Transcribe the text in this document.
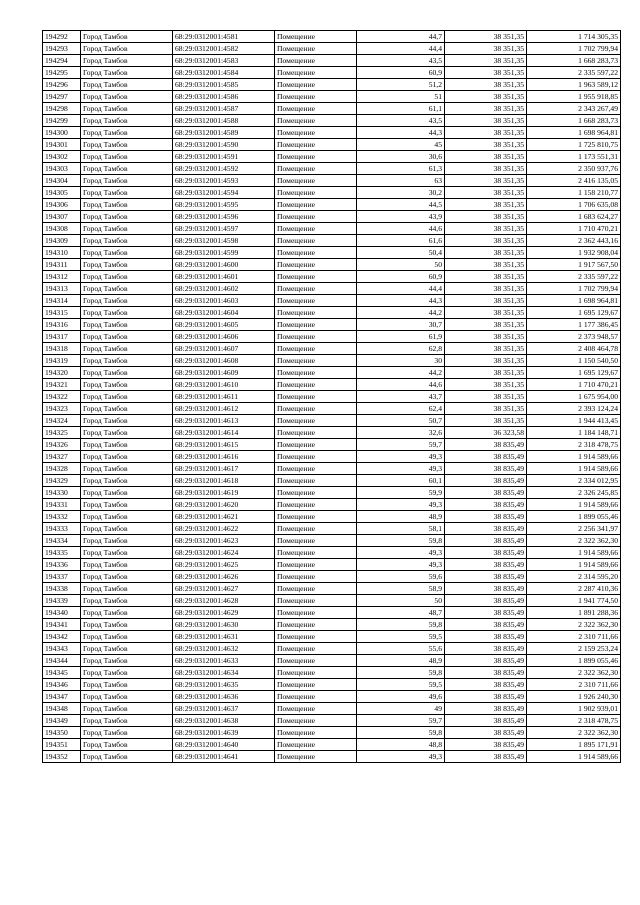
194292	Город Тамбов	68:29:0312001:4581	Помещение	44,7	38 351,35	1 714 305,35
194293	Город Тамбов	68:29:0312001:4582	Помещение	44,4	38 351,35	1 702 799,94
194294	Город Тамбов	68:29:0312001:4583	Помещение	43,5	38 351,35	1 668 283,73
194295	Город Тамбов	68:29:0312001:4584	Помещение	60,9	38 351,35	2 335 597,22
194296	Город Тамбов	68:29:0312001:4585	Помещение	51,2	38 351,35	1 963 589,12
194297	Город Тамбов	68:29:0312001:4586	Помещение	51	38 351,35	1 955 918,85
194298	Город Тамбов	68:29:0312001:4587	Помещение	61,1	38 351,35	2 343 267,49
194299	Город Тамбов	68:29:0312001:4588	Помещение	43,5	38 351,35	1 668 283,73
194300	Город Тамбов	68:29:0312001:4589	Помещение	44,3	38 351,35	1 698 964,81
194301	Город Тамбов	68:29:0312001:4590	Помещение	45	38 351,35	1 725 810,75
194302	Город Тамбов	68:29:0312001:4591	Помещение	30,6	38 351,35	1 173 551,31
194303	Город Тамбов	68:29:0312001:4592	Помещение	61,3	38 351,35	2 350 937,76
194304	Город Тамбов	68:29:0312001:4593	Помещение	63	38 351,35	2 416 135,05
194305	Город Тамбов	68:29:0312001:4594	Помещение	30,2	38 351,35	1 158 210,77
194306	Город Тамбов	68:29:0312001:4595	Помещение	44,5	38 351,35	1 706 635,08
194307	Город Тамбов	68:29:0312001:4596	Помещение	43,9	38 351,35	1 683 624,27
194308	Город Тамбов	68:29:0312001:4597	Помещение	44,6	38 351,35	1 710 470,21
194309	Город Тамбов	68:29:0312001:4598	Помещение	61,6	38 351,35	2 362 443,16
194310	Город Тамбов	68:29:0312001:4599	Помещение	50,4	38 351,35	1 932 908,04
194311	Город Тамбов	68:29:0312001:4600	Помещение	50	38 351,35	1 917 567,50
194312	Город Тамбов	68:29:0312001:4601	Помещение	60,9	38 351,35	2 335 597,22
194313	Город Тамбов	68:29:0312001:4602	Помещение	44,4	38 351,35	1 702 799,94
194314	Город Тамбов	68:29:0312001:4603	Помещение	44,3	38 351,35	1 698 964,81
194315	Город Тамбов	68:29:0312001:4604	Помещение	44,2	38 351,35	1 695 129,67
194316	Город Тамбов	68:29:0312001:4605	Помещение	30,7	38 351,35	1 177 386,45
194317	Город Тамбов	68:29:0312001:4606	Помещение	61,9	38 351,35	2 373 948,57
194318	Город Тамбов	68:29:0312001:4607	Помещение	62,8	38 351,35	2 408 464,78
194319	Город Тамбов	68:29:0312001:4608	Помещение	30	38 351,35	1 150 540,50
194320	Город Тамбов	68:29:0312001:4609	Помещение	44,2	38 351,35	1 695 129,67
194321	Город Тамбов	68:29:0312001:4610	Помещение	44,6	38 351,35	1 710 470,21
194322	Город Тамбов	68:29:0312001:4611	Помещение	43,7	38 351,35	1 675 954,00
194323	Город Тамбов	68:29:0312001:4612	Помещение	62,4	38 351,35	2 393 124,24
194324	Город Тамбов	68:29:0312001:4613	Помещение	50,7	38 351,35	1 944 413,45
194325	Город Тамбов	68:29:0312001:4614	Помещение	32,6	36 323,58	1 184 148,71
194326	Город Тамбов	68:29:0312001:4615	Помещение	59,7	38 835,49	2 318 478,75
194327	Город Тамбов	68:29:0312001:4616	Помещение	49,3	38 835,49	1 914 589,66
194328	Город Тамбов	68:29:0312001:4617	Помещение	49,3	38 835,49	1 914 589,66
194329	Город Тамбов	68:29:0312001:4618	Помещение	60,1	38 835,49	2 334 012,95
194330	Город Тамбов	68:29:0312001:4619	Помещение	59,9	38 835,49	2 326 245,85
194331	Город Тамбов	68:29:0312001:4620	Помещение	49,3	38 835,49	1 914 589,66
194332	Город Тамбов	68:29:0312001:4621	Помещение	48,9	38 835,49	1 899 055,46
194333	Город Тамбов	68:29:0312001:4622	Помещение	58,1	38 835,49	2 256 341,97
194334	Город Тамбов	68:29:0312001:4623	Помещение	59,8	38 835,49	2 322 362,30
194335	Город Тамбов	68:29:0312001:4624	Помещение	49,3	38 835,49	1 914 589,66
194336	Город Тамбов	68:29:0312001:4625	Помещение	49,3	38 835,49	1 914 589,66
194337	Город Тамбов	68:29:0312001:4626	Помещение	59,6	38 835,49	2 314 595,20
194338	Город Тамбов	68:29:0312001:4627	Помещение	58,9	38 835,49	2 287 410,36
194339	Город Тамбов	68:29:0312001:4628	Помещение	50	38 835,49	1 941 774,50
194340	Город Тамбов	68:29:0312001:4629	Помещение	48,7	38 835,49	1 891 288,36
194341	Город Тамбов	68:29:0312001:4630	Помещение	59,8	38 835,49	2 322 362,30
194342	Город Тамбов	68:29:0312001:4631	Помещение	59,5	38 835,49	2 310 711,66
194343	Город Тамбов	68:29:0312001:4632	Помещение	55,6	38 835,49	2 159 253,24
194344	Город Тамбов	68:29:0312001:4633	Помещение	48,9	38 835,49	1 899 055,46
194345	Город Тамбов	68:29:0312001:4634	Помещение	59,8	38 835,49	2 322 362,30
194346	Город Тамбов	68:29:0312001:4635	Помещение	59,5	38 835,49	2 310 711,66
194347	Город Тамбов	68:29:0312001:4636	Помещение	49,6	38 835,49	1 926 240,30
194348	Город Тамбов	68:29:0312001:4637	Помещение	49	38 835,49	1 902 939,01
194349	Город Тамбов	68:29:0312001:4638	Помещение	59,7	38 835,49	2 318 478,75
194350	Город Тамбов	68:29:0312001:4639	Помещение	59,8	38 835,49	2 322 362,30
194351	Город Тамбов	68:29:0312001:4640	Помещение	48,8	38 835,49	1 895 171,91
194352	Город Тамбов	68:29:0312001:4641	Помещение	49,3	38 835,49	1 914 589,66
